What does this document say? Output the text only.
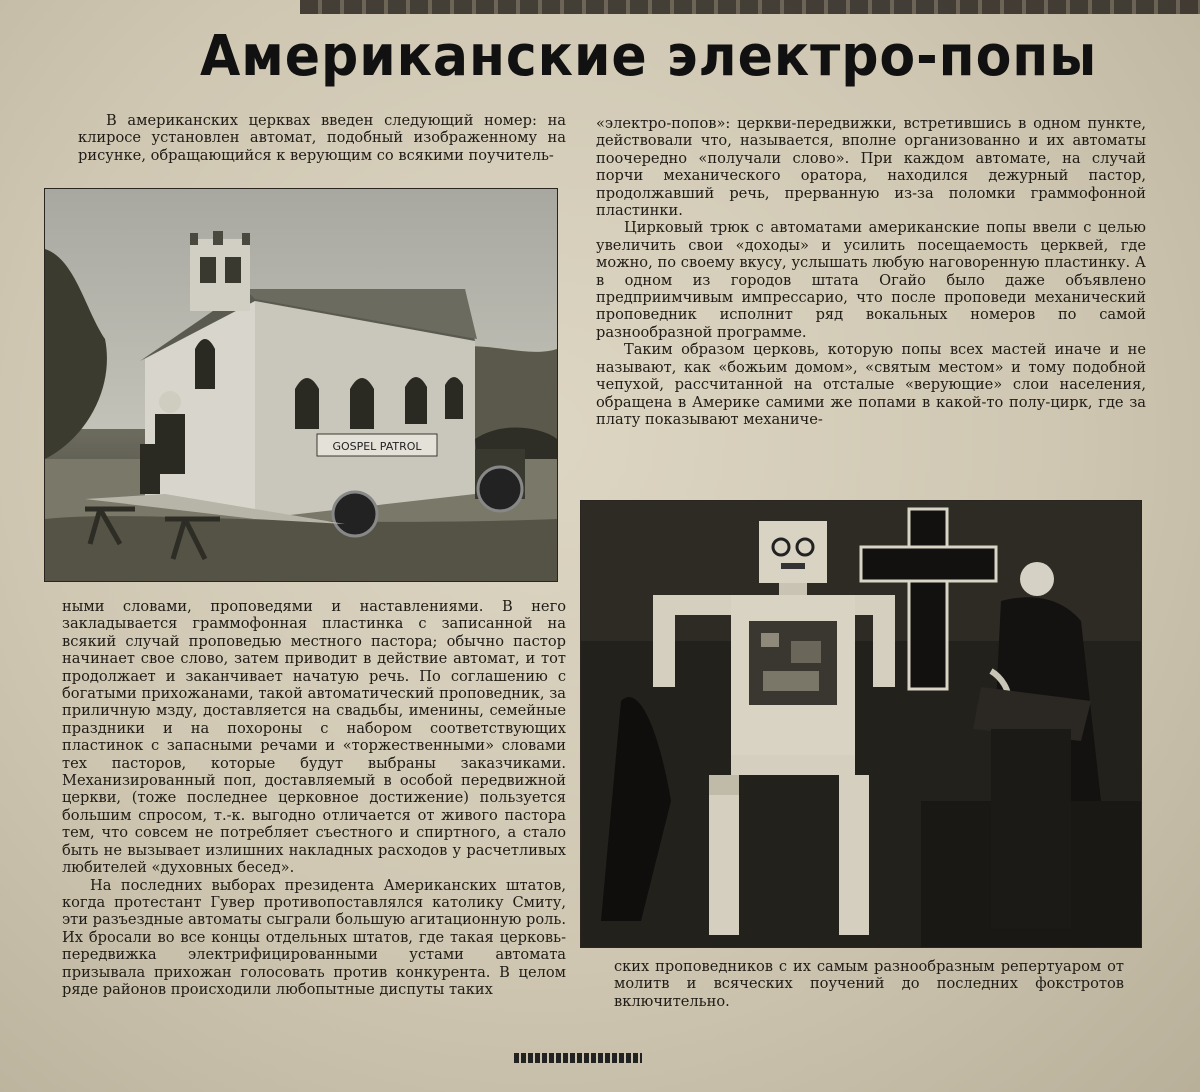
Американские электро-попы

В американских церквах введен следующий номер: на клиросе установлен автомат, подобный изображенному на рисунке, обращающийся к верующим со всякими поучитель-

GOSPEL PATROL

ными словами, проповедями и наставлениями. В него закладывается граммофонная пластинка с записанной на всякий случай проповедью местного пастора; обычно пастор начинает свое слово, затем приводит в действие автомат, и тот продолжает и заканчивает начатую речь. По соглашению с богатыми прихожанами, такой автоматический проповедник, за приличную мзду, доставляется на свадьбы, именины, семейные праздники и на похороны с набором соответствующих пластинок с запасными речами и «торжественными» словами тех пасторов, которые будут выбраны заказчиками. Механизированный поп, доставляемый в особой передвижной церкви, (тоже последнее церковное достижение) пользуется большим спросом, т.-к. выгодно отличается от живого пастора тем, что совсем не потребляет съестного и спиртного, а стало быть не вызывает излишних накладных расходов у расчетливых любителей «духовных бесед».

На последних выборах президента Американских штатов, когда протестант Гувер противопоставлялся католику Смиту, эти разъездные автоматы сыграли большую агитационную роль. Их бросали во все концы отдельных штатов, где такая церковь-передвижка электрифицированными устами автомата призывала прихожан голосовать против конкурента. В целом ряде районов происходили любопытные диспуты таких

«электро-попов»: церкви-передвижки, встретившись в одном пункте, действовали что, называется, вполне организованно и их автоматы поочередно «получали слово». При каждом автомате, на случай порчи механического оратора, находился дежурный пастор, продолжавший речь, прерванную из-за поломки граммофонной пластинки.

Цирковый трюк с автоматами американские попы ввели с целью увеличить свои «доходы» и усилить посещаемость церквей, где можно, по своему вкусу, услышать любую наговоренную пластинку. А в одном из городов штата Огайо было даже объявлено предприимчивым импрессарио, что после проповеди механический проповедник исполнит ряд вокальных номеров по самой разнообразной программе.

Таким образом церковь, которую попы всех мастей иначе и не называют, как «божьим домом», «святым местом» и тому подобной чепухой, рассчитанной на отсталые «верующие» слои населения, обращена в Америке самими же попами в какой-то полу-цирк, где за плату показывают механиче-

ских проповедников с их самым разнообразным репертуаром от молитв и всяческих поучений до последних фокстротов включительно.
